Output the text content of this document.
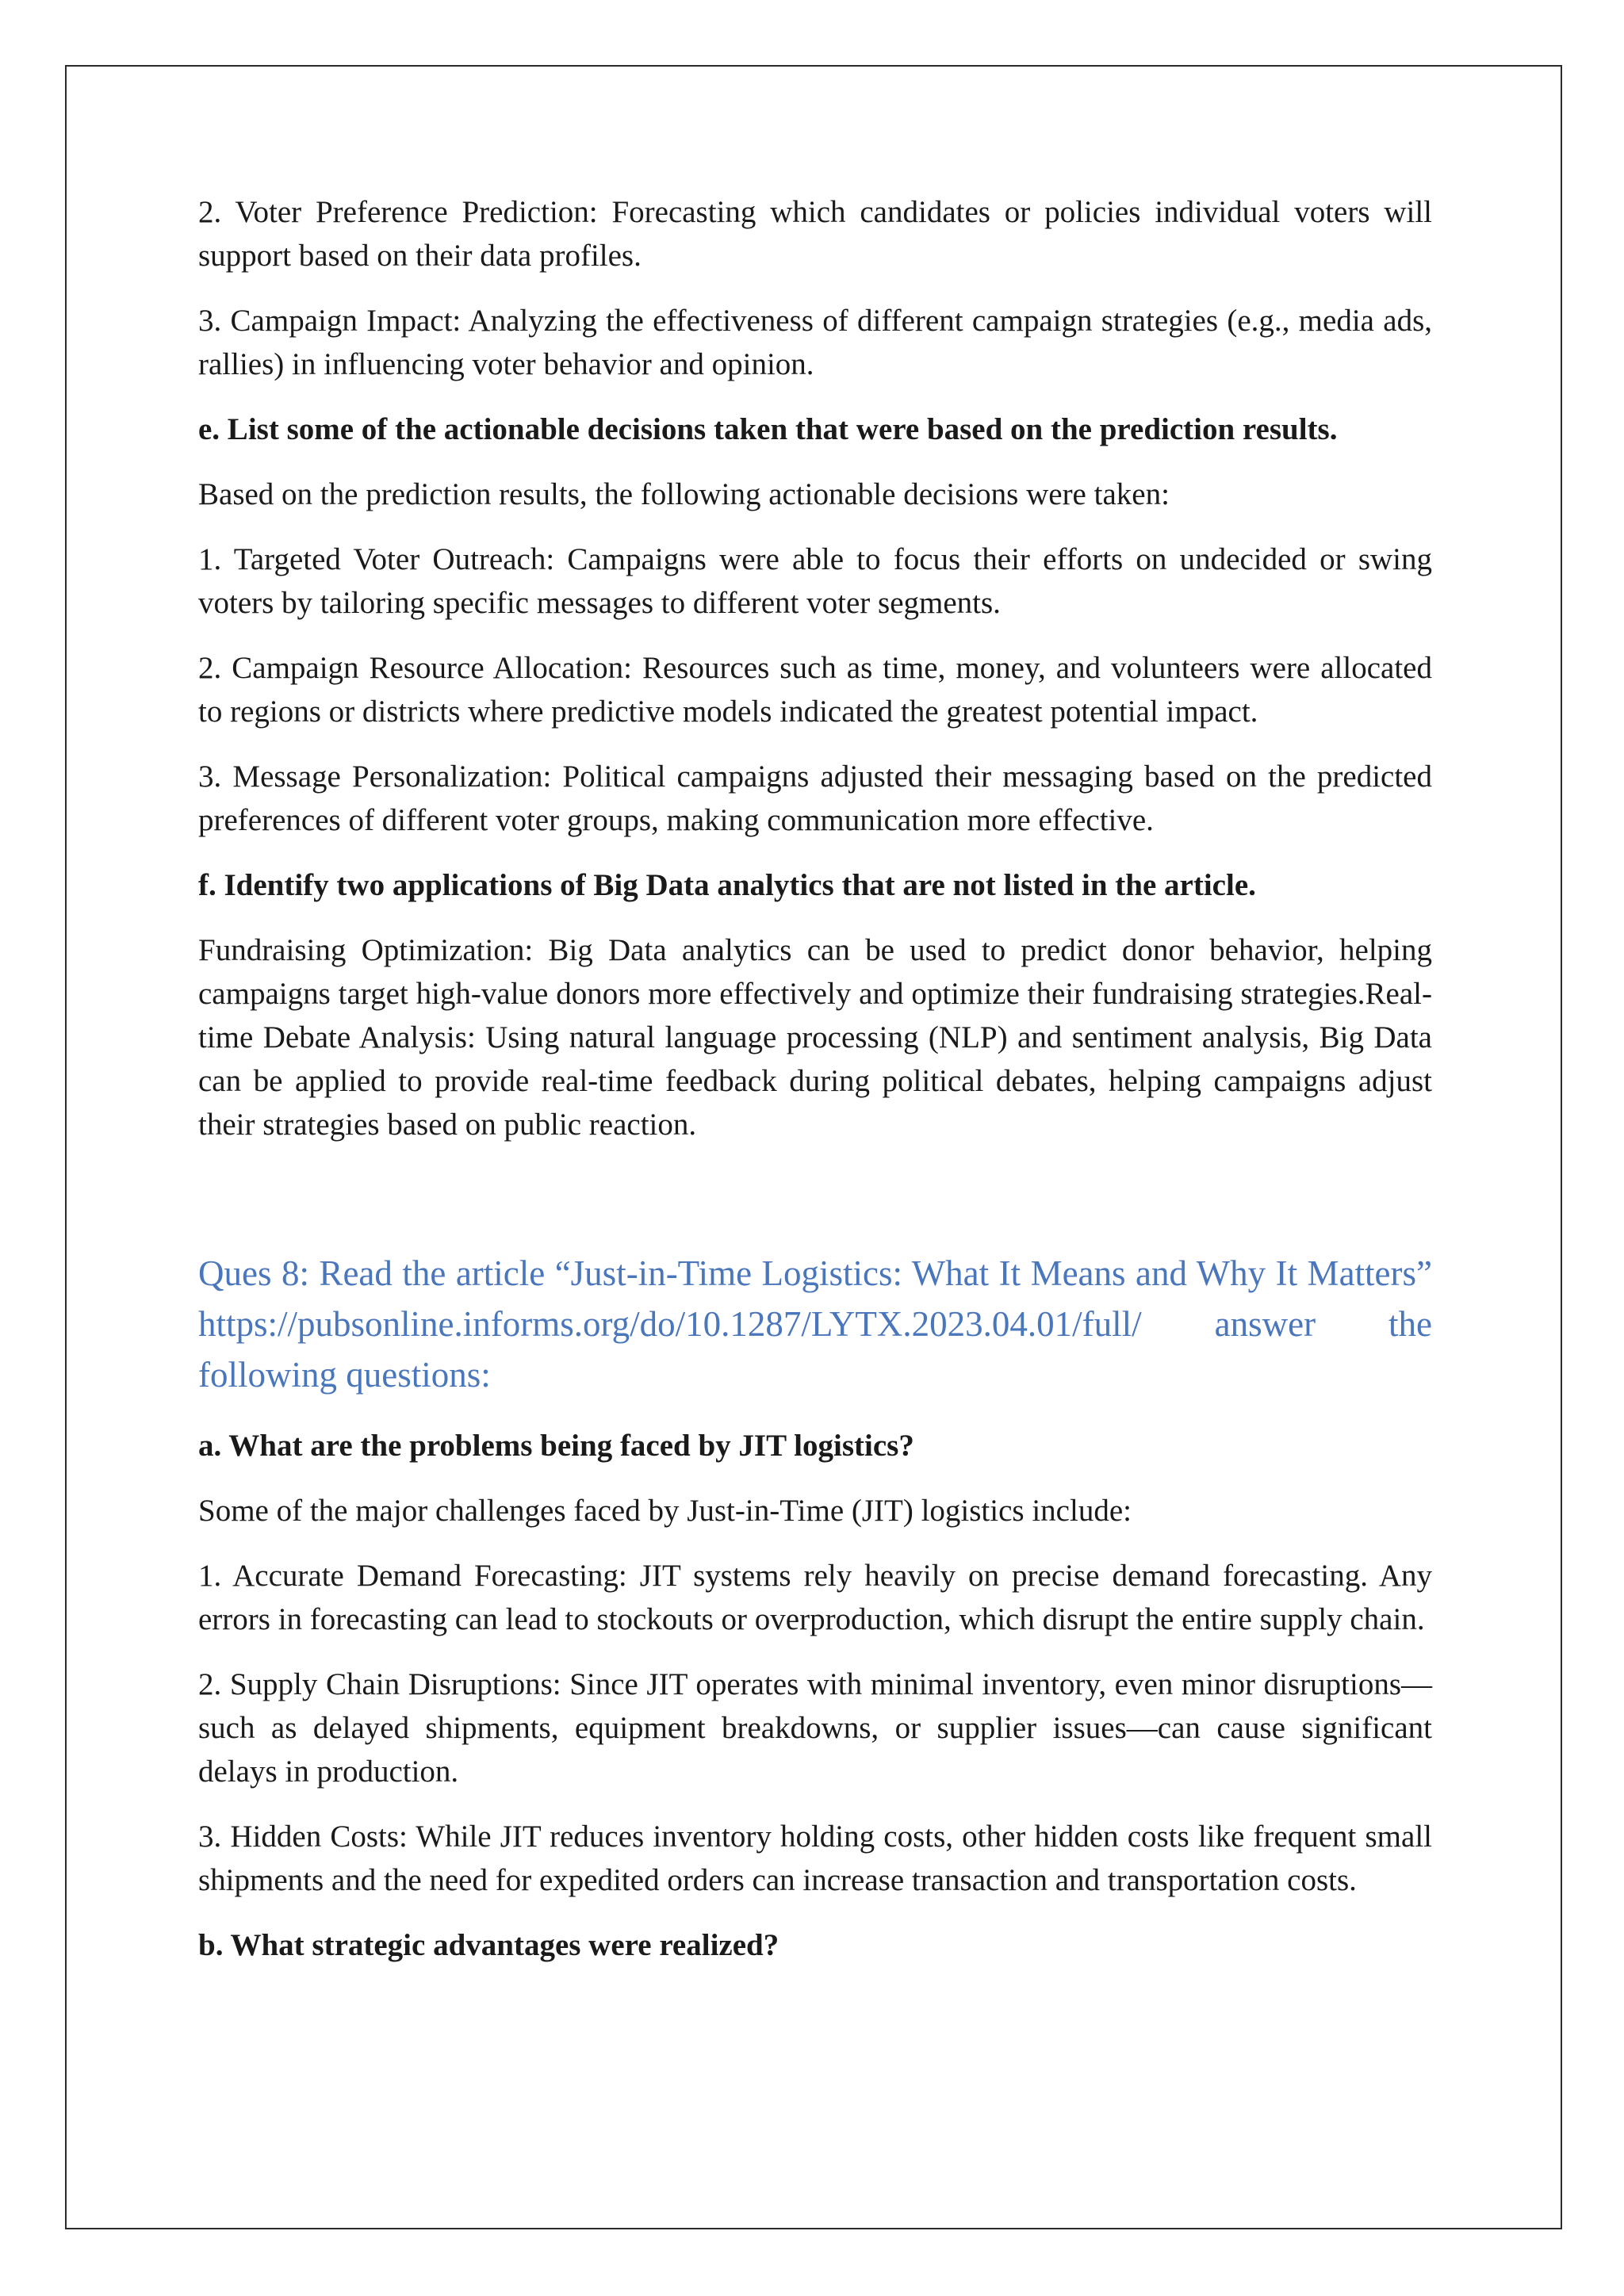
2. Voter Preference Prediction: Forecasting which candidates or policies individual voters will support based on their data profiles.

3. Campaign Impact: Analyzing the effectiveness of different campaign strategies (e.g., media ads, rallies) in influencing voter behavior and opinion.

e. List some of the actionable decisions taken that were based on the prediction results.

Based on the prediction results, the following actionable decisions were taken:

1. Targeted Voter Outreach: Campaigns were able to focus their efforts on undecided or swing voters by tailoring specific messages to different voter segments.

2. Campaign Resource Allocation: Resources such as time, money, and volunteers were allocated to regions or districts where predictive models indicated the greatest potential impact.

3. Message Personalization: Political campaigns adjusted their messaging based on the predicted preferences of different voter groups, making communication more effective.

f. Identify two applications of Big Data analytics that are not listed in the article.

Fundraising Optimization: Big Data analytics can be used to predict donor behavior, helping campaigns target high-value donors more effectively and optimize their fundraising strategies.Real-time Debate Analysis: Using natural language processing (NLP) and sentiment analysis, Big Data can be applied to provide real-time feedback during political debates, helping campaigns adjust their strategies based on public reaction.

Ques 8: Read the article “Just-in-Time Logistics: What It Means and Why It Matters” https://pubsonline.informs.org/do/10.1287/LYTX.2023.04.01/full/ answer the following questions:

a. What are the problems being faced by JIT logistics?

Some of the major challenges faced by Just-in-Time (JIT) logistics include:

1. Accurate Demand Forecasting: JIT systems rely heavily on precise demand forecasting. Any errors in forecasting can lead to stockouts or overproduction, which disrupt the entire supply chain.

2. Supply Chain Disruptions: Since JIT operates with minimal inventory, even minor disruptions—such as delayed shipments, equipment breakdowns, or supplier issues—can cause significant delays in production.

3. Hidden Costs: While JIT reduces inventory holding costs, other hidden costs like frequent small shipments and the need for expedited orders can increase transaction and transportation costs.

b. What strategic advantages were realized?
